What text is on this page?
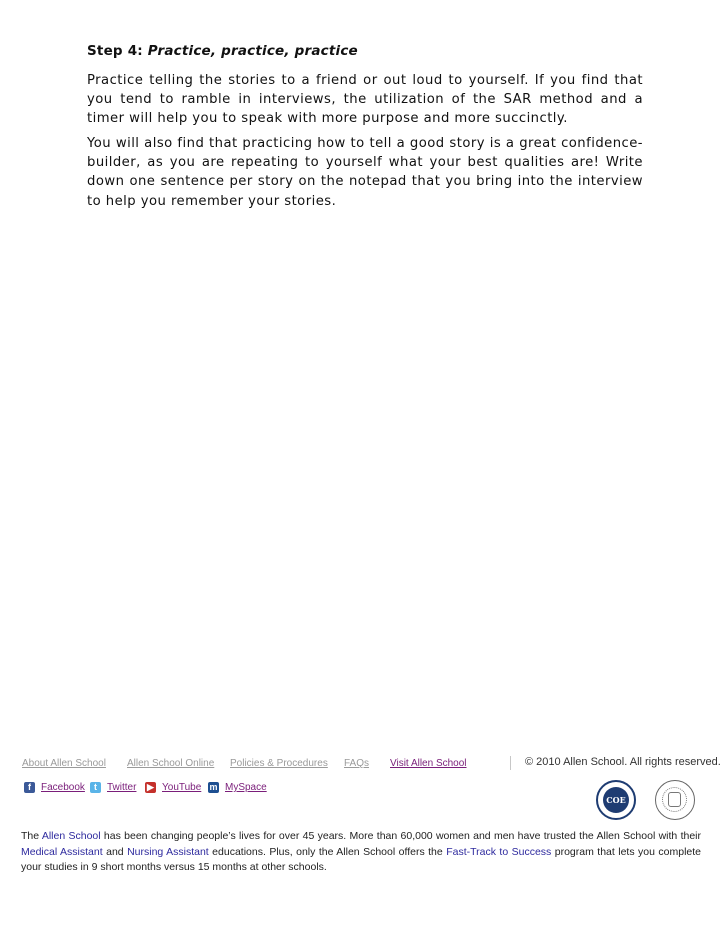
Step 4: Practice, practice, practice

Practice telling the stories to a friend or out loud to yourself. If you find that you tend to ramble in interviews, the utilization of the SAR method and a timer will help you to speak with more purpose and more succinctly.

You will also find that practicing how to tell a good story is a great confidence-builder, as you are repeating to yourself what your best qualities are! Write down one sentence per story on the notepad that you bring into the interview to help you remember your stories.

About Allen School Allen School Online Policies & Procedures FAQs Visit Allen School	© 2010 Allen School. All rights reserved.
f	Facebook	t	Twitter ▶ YouTube m MySpace
COE

The Allen School has been changing people’s lives for over 45 years. More than 60,000 women and men have trusted the Allen School with their Medical Assistant and Nursing Assistant educations. Plus, only the Allen School offers the Fast-Track to Success program that lets you complete your studies in 9 short months versus 15 months at other schools.
